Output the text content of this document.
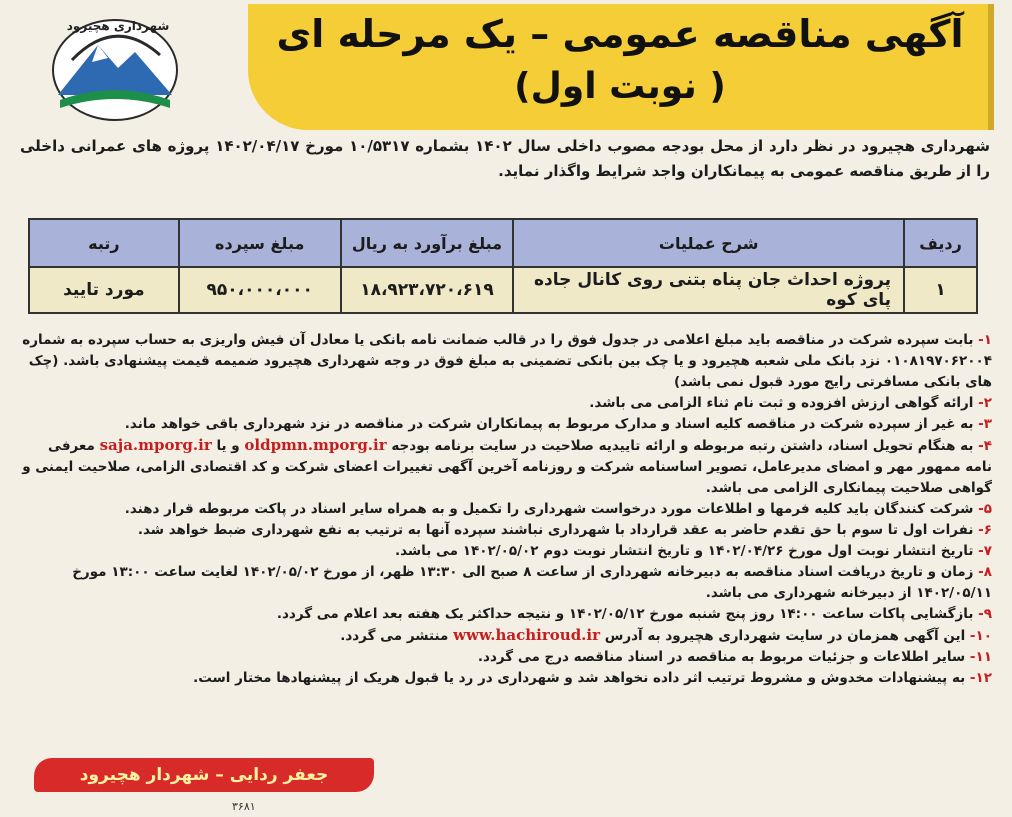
آگهی مناقصه عمومی – یک مرحله ای
( نوبت اول)
شهرداری هچیرود
شهرداری هچیرود در نظر دارد از محل بودجه مصوب داخلی سال ۱۴۰۲ بشماره ۱۰/۵۳۱۷ مورخ ۱۴۰۲/۰۴/۱۷ پروژه های عمرانی داخلی را از طریق مناقصه عمومی به پیمانکاران واجد شرایط واگذار نماید.
ردیف	شرح عملیات	مبلغ برآورد به ریال	مبلغ سپرده	رتبه
۱	پروژه احداث جان پناه بتنی روی کانال جاده پای کوه	۱۸،۹۲۳،۷۲۰،۶۱۹	۹۵۰،۰۰۰،۰۰۰	مورد تایید
۱- بابت سپرده شرکت در مناقصه باید مبلغ اعلامی در جدول فوق را در قالب ضمانت نامه بانکی یا معادل آن فیش واریزی به حساب سپرده به شماره ۰۱۰۸۱۹۷۰۶۲۰۰۴ نزد بانک ملی شعبه هچیرود و یا چک بین بانکی تضمینی به مبلغ فوق در وجه شهرداری هچیرود ضمیمه قیمت پیشنهادی باشد. (چک های بانکی مسافرتی رایج مورد قبول نمی باشد)
۲- ارائه گواهی ارزش افزوده و ثبت نام ثناء الزامی می باشد.
۳- به غیر از سپرده شرکت در مناقصه کلیه اسناد و مدارک مربوط به پیمانکاران شرکت در مناقصه در نزد شهرداری باقی خواهد ماند.
۴- به هنگام تحویل اسناد، داشتن رتبه مربوطه و ارائه تاییدیه صلاحیت در سایت برنامه بودجه oldpmn.mporg.ir و یا saja.mporg.ir معرفی نامه ممهور مهر و امضای مدیرعامل، تصویر اساسنامه شرکت و روزنامه آخرین آگهی تغییرات اعضای شرکت و کد اقتصادی الزامی، صلاحیت ایمنی و گواهی صلاحیت پیمانکاری الزامی می باشد.
۵- شرکت کنندگان باید کلیه فرمها و اطلاعات مورد درخواست شهرداری را تکمیل و به همراه سایر اسناد در پاکت مربوطه قرار دهند.
۶- نفرات اول تا سوم با حق تقدم حاضر به عقد قرارداد با شهرداری نباشند سپرده آنها به ترتیب به نفع شهرداری ضبط خواهد شد.
۷- تاریخ انتشار نوبت اول مورخ ۱۴۰۲/۰۴/۲۶ و تاریخ انتشار نوبت دوم ۱۴۰۲/۰۵/۰۲ می باشد.
۸- زمان و تاریخ دریافت اسناد مناقصه به دبیرخانه شهرداری از ساعت ۸ صبح الی ۱۳:۳۰ ظهر، از مورخ ۱۴۰۲/۰۵/۰۲ لغایت ساعت ۱۳:۰۰ مورخ ۱۴۰۲/۰۵/۱۱ از دبیرخانه شهرداری می باشد.
۹- بازگشایی پاکات ساعت ۱۴:۰۰ روز پنج شنبه مورخ ۱۴۰۲/۰۵/۱۲ و نتیجه حداکثر یک هفته بعد اعلام می گردد.
۱۰- این آگهی همزمان در سایت شهرداری هچیرود به آدرس www.hachiroud.ir منتشر می گردد.
۱۱- سایر اطلاعات و جزئیات مربوط به مناقصه در اسناد مناقصه درج می گردد.
۱۲- به پیشنهادات مخدوش و مشروط ترتیب اثر داده نخواهد شد و شهرداری در رد یا قبول هریک از پیشنهادها مختار است.
جعفر ردایی – شهردار هچیرود
۳۶۸۱
